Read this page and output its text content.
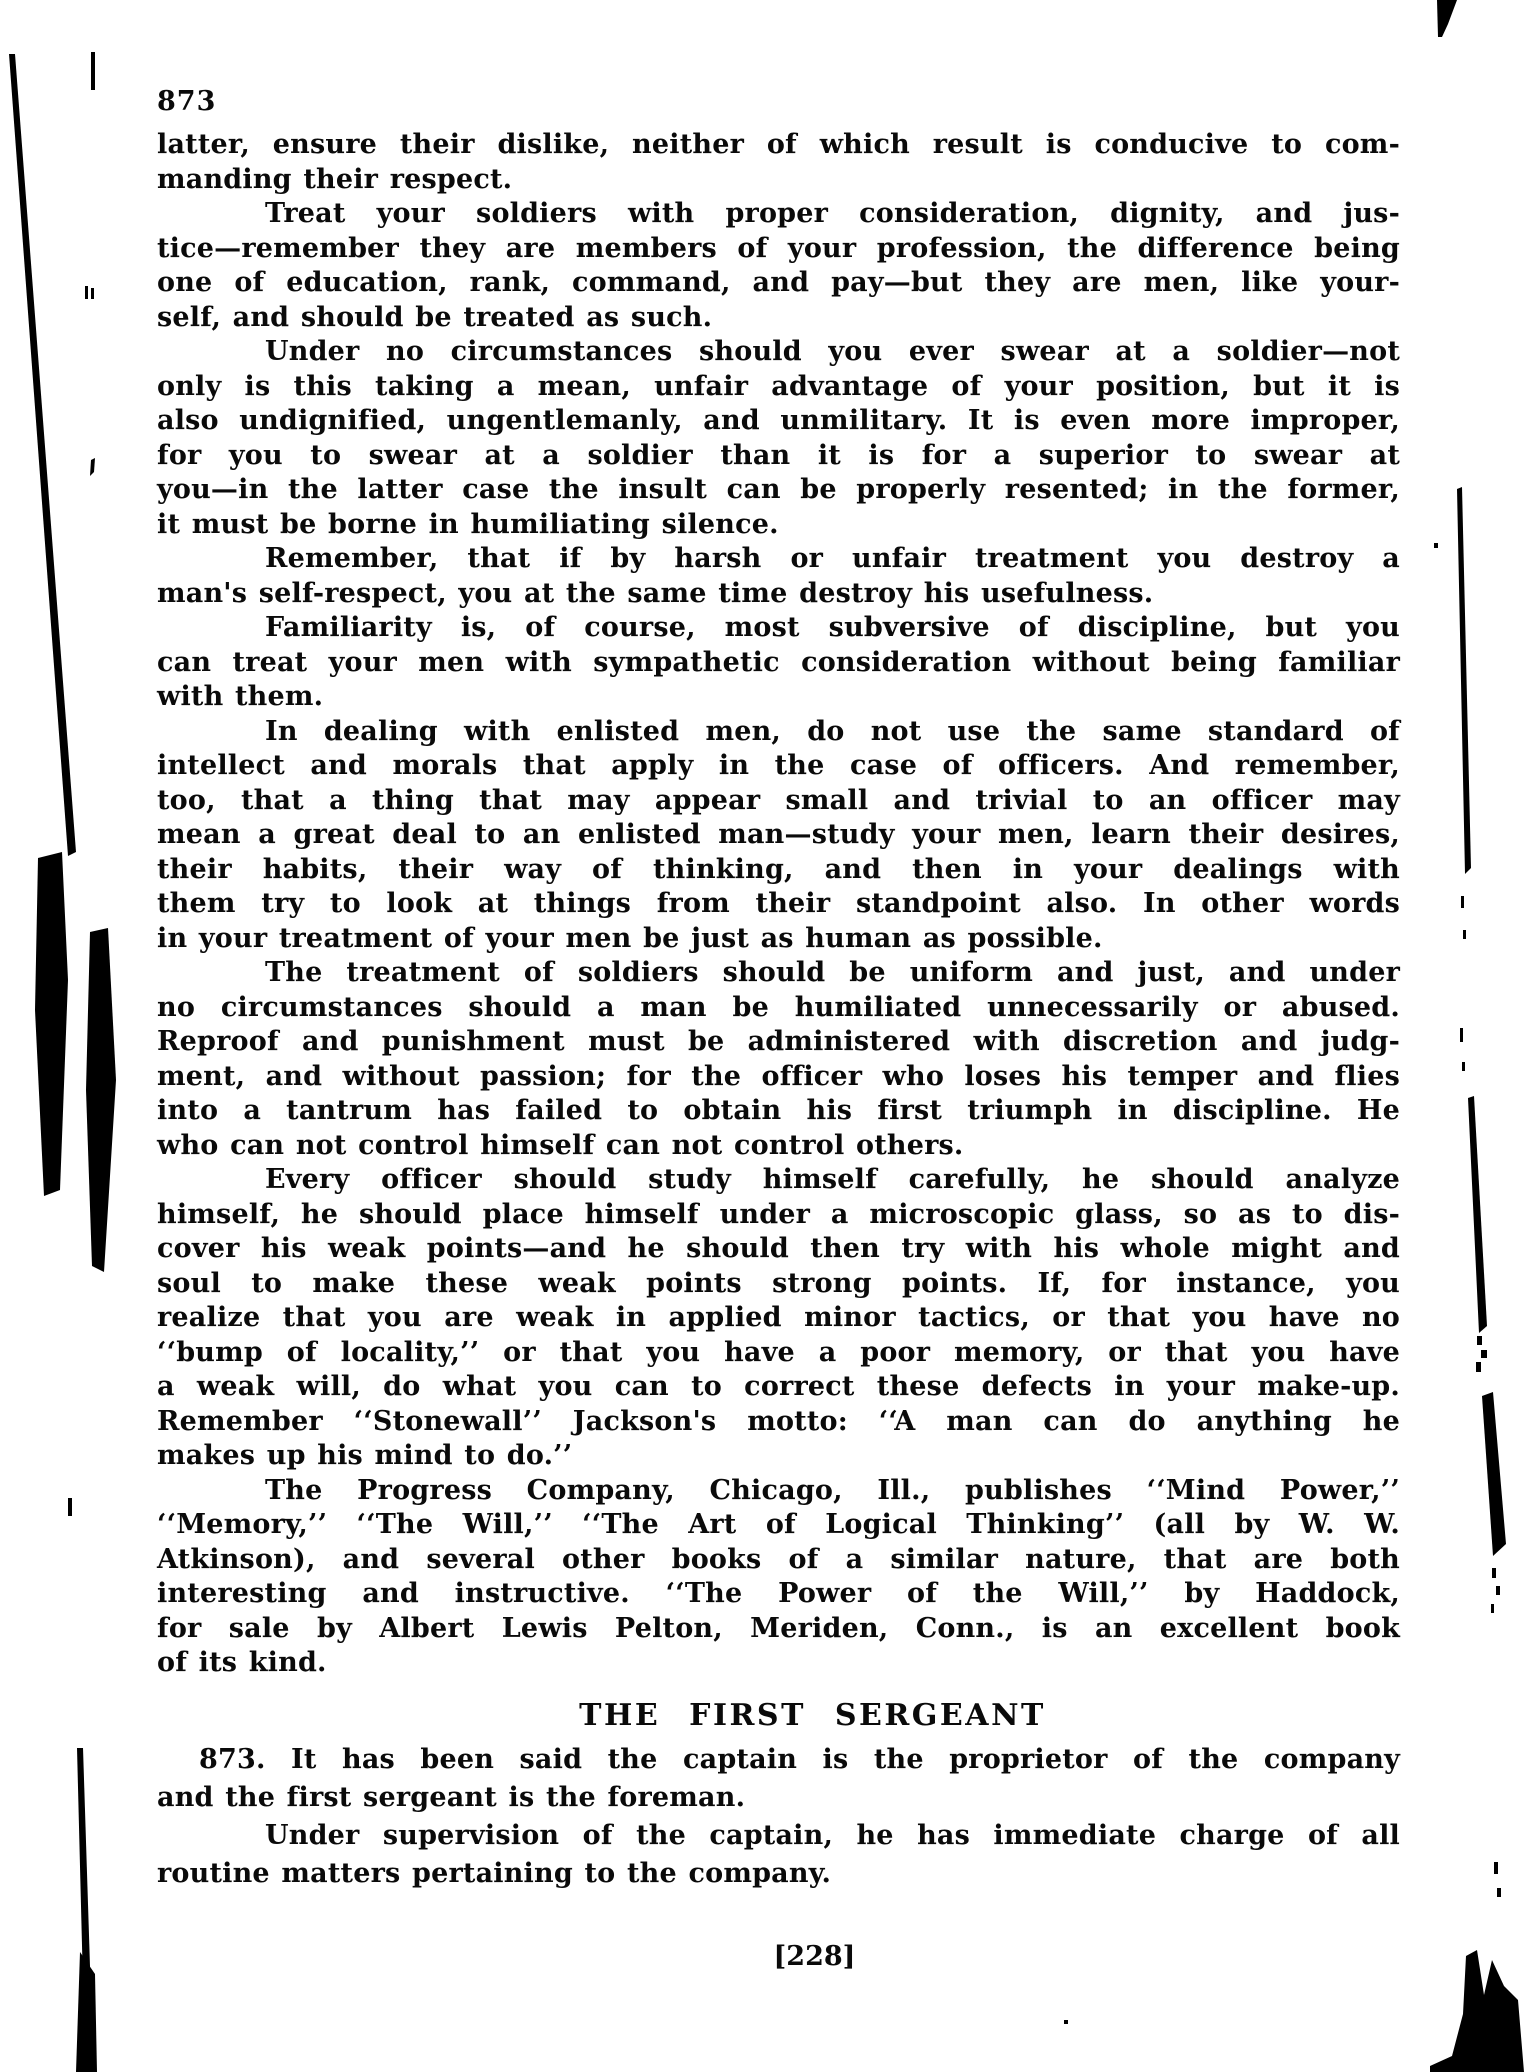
873
latter, ensure their dislike, neither of which result is conducive to com-
manding their respect.
Treat your soldiers with proper consideration, dignity, and jus-
tice—remember they are members of your profession, the difference being
one of education, rank, command, and pay—but they are men, like your-
self, and should be treated as such.
Under no circumstances should you ever swear at a soldier—not
only is this taking a mean, unfair advantage of your position, but it is
also undignified, ungentlemanly, and unmilitary. It is even more improper,
for you to swear at a soldier than it is for a superior to swear at
you—in the latter case the insult can be properly resented; in the former,
it must be borne in humiliating silence.
Remember, that if by harsh or unfair treatment you destroy a
man's self-respect, you at the same time destroy his usefulness.
Familiarity is, of course, most subversive of discipline, but you
can treat your men with sympathetic consideration without being familiar
with them.
In dealing with enlisted men, do not use the same standard of
intellect and morals that apply in the case of officers. And remember,
too, that a thing that may appear small and trivial to an officer may
mean a great deal to an enlisted man—study your men, learn their desires,
their habits, their way of thinking, and then in your dealings with
them try to look at things from their standpoint also. In other words
in your treatment of your men be just as human as possible.
The treatment of soldiers should be uniform and just, and under
no circumstances should a man be humiliated unnecessarily or abused.
Reproof and punishment must be administered with discretion and judg-
ment, and without passion; for the officer who loses his temper and flies
into a tantrum has failed to obtain his first triumph in discipline. He
who can not control himself can not control others.
Every officer should study himself carefully, he should analyze
himself, he should place himself under a microscopic glass, so as to dis-
cover his weak points—and he should then try with his whole might and
soul to make these weak points strong points. If, for instance, you
realize that you are weak in applied minor tactics, or that you have no
‘‘bump of locality,’’ or that you have a poor memory, or that you have
a weak will, do what you can to correct these defects in your make-up.
Remember ‘‘Stonewall’’ Jackson's motto: ‘‘A man can do anything he
makes up his mind to do.’’
The Progress Company, Chicago, Ill., publishes ‘‘Mind Power,’’
‘‘Memory,’’ ‘‘The Will,’’ ‘‘The Art of Logical Thinking’’ (all by W. W.
Atkinson), and several other books of a similar nature, that are both
interesting and instructive. ‘‘The Power of the Will,’’ by Haddock,
for sale by Albert Lewis Pelton, Meriden, Conn., is an excellent book
of its kind.
THE FIRST SERGEANT
873. It has been said the captain is the proprietor of the company
and the first sergeant is the foreman.
Under supervision of the captain, he has immediate charge of all
routine matters pertaining to the company.
[228]
